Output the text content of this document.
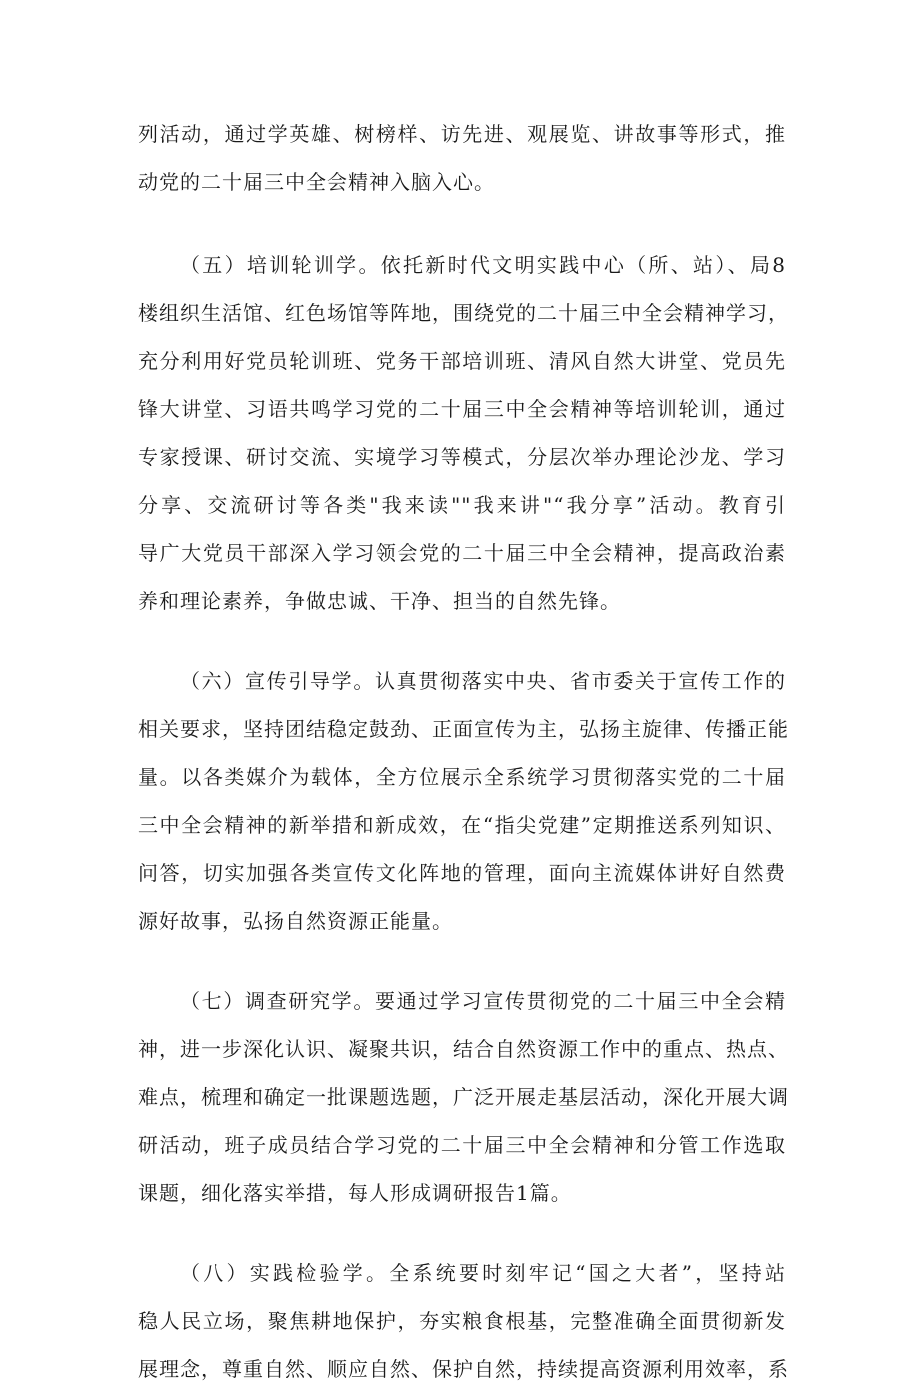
列活动，通过学英雄、树榜样、访先进、观展览、讲故事等形式，推
动党的二十届三中全会精神入脑入心。
（五）培训轮训学。依托新时代文明实践中心（所、站）、局8
楼组织生活馆、红色场馆等阵地，围绕党的二十届三中全会精神学习，
充分利用好党员轮训班、党务干部培训班、清风自然大讲堂、党员先
锋大讲堂、习语共鸣学习党的二十届三中全会精神等培训轮训，通过
专家授课、研讨交流、实境学习等模式，分层次举办理论沙龙、学习
分享、交流研讨等各类"我来读""我来讲"“我分享”活动。教育引
导广大党员干部深入学习领会党的二十届三中全会精神，提高政治素
养和理论素养，争做忠诚、干净、担当的自然先锋。
（六）宣传引导学。认真贯彻落实中央、省市委关于宣传工作的
相关要求，坚持团结稳定鼓劲、正面宣传为主，弘扬主旋律、传播正能
量。以各类媒介为载体，全方位展示全系统学习贯彻落实党的二十届
三中全会精神的新举措和新成效，在“指尖党建”定期推送系列知识、
问答，切实加强各类宣传文化阵地的管理，面向主流媒体讲好自然费
源好故事，弘扬自然资源正能量。
（七）调查研究学。要通过学习宣传贯彻党的二十届三中全会精
神，进一步深化认识、凝聚共识，结合自然资源工作中的重点、热点、
难点，梳理和确定一批课题选题，广泛开展走基层活动，深化开展大调
研活动，班子成员结合学习党的二十届三中全会精神和分管工作选取
课题，细化落实举措，每人形成调研报告1篇。
（八）实践检验学。全系统要时刻牢记“国之大者”，坚持站
稳人民立场，聚焦耕地保护，夯实粮食根基，完整准确全面贯彻新发
展理念，尊重自然、顺应自然、保护自然，持续提高资源利用效率，系
